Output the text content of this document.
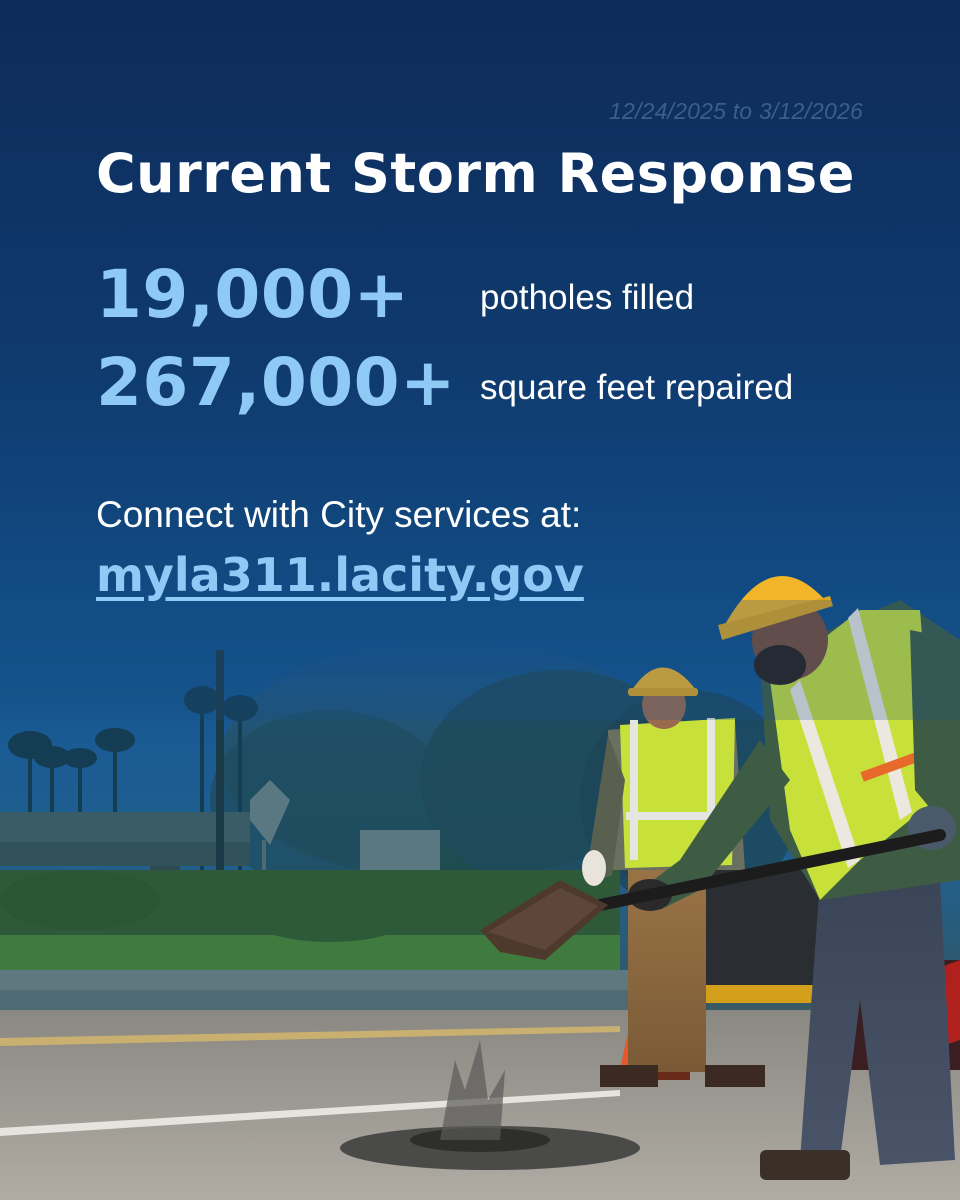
12/24/2025 to 3/12/2026
Current Storm Response
19,000+ potholes filled
267,000+ square feet repaired
Connect with City services at:
myla311.lacity.gov
